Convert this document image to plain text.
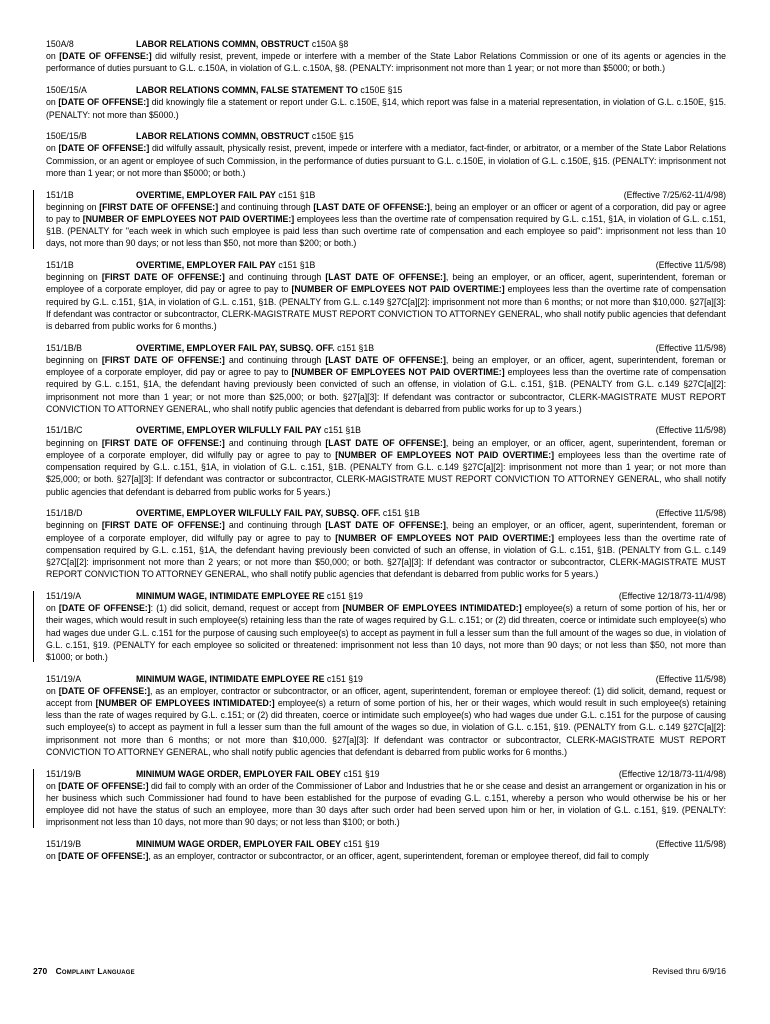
150A/8	LABOR RELATIONS COMMN, OBSTRUCT c150A §8
on [DATE OF OFFENSE:] did wilfully resist, prevent, impede or interfere with a member of the State Labor Relations Commission or one of its agents or agencies in the performance of duties pursuant to G.L. c.150A, in violation of G.L. c.150A, §8. (PENALTY: imprisonment not more than 1 year; or not more than $5000; or both.)
150E/15/A	LABOR RELATIONS COMMN, FALSE STATEMENT TO c150E §15
on [DATE OF OFFENSE:] did knowingly file a statement or report under G.L. c.150E, §14, which report was false in a material representation, in violation of G.L. c.150E, §15. (PENALTY: not more than $5000.)
150E/15/B	LABOR RELATIONS COMMN, OBSTRUCT c150E §15
on [DATE OF OFFENSE:] did wilfully assault, physically resist, prevent, impede or interfere with a mediator, fact-finder, or arbitrator, or a member of the State Labor Relations Commission, or an agent or employee of such Commission, in the performance of duties pursuant to G.L. c.150E, in violation of G.L. c.150E, §15. (PENALTY: imprisonment not more than 1 year; or not more than $5000; or both.)
151/1B	OVERTIME, EMPLOYER FAIL PAY c151 §1B	(Effective 7/25/62-11/4/98)
beginning on [FIRST DATE OF OFFENSE:] and continuing through [LAST DATE OF OFFENSE:], being an employer or an officer or agent of a corporation, did pay or agree to pay to [NUMBER OF EMPLOYEES NOT PAID OVERTIME:] employees less than the overtime rate of compensation required by G.L. c.151, §1A, in violation of G.L. c.151, §1B. (PENALTY for "each week in which such employee is paid less than such overtime rate of compensation and each employee so paid": imprisonment not less than 10 days, not more than 90 days; or not less than $50, not more than $200; or both.)
151/1B	OVERTIME, EMPLOYER FAIL PAY c151 §1B	(Effective 11/5/98)
beginning on [FIRST DATE OF OFFENSE:] and continuing through [LAST DATE OF OFFENSE:], being an employer, or an officer, agent, superintendent, foreman or employee of a corporate employer, did pay or agree to pay to [NUMBER OF EMPLOYEES NOT PAID OVERTIME:] employees less than the overtime rate of compensation required by G.L. c.151, §1A, in violation of G.L. c.151, §1B. (PENALTY from G.L. c.149 §27C[a][2]: imprisonment not more than 6 months; or not more than $10,000. §27[a][3]: If defendant was contractor or subcontractor, CLERK-MAGISTRATE MUST REPORT CONVICTION TO ATTORNEY GENERAL, who shall notify public agencies that defendant is debarred from public works for 6 months.)
151/1B/B	OVERTIME, EMPLOYER FAIL PAY, SUBSQ. OFF. c151 §1B	(Effective 11/5/98)
beginning on [FIRST DATE OF OFFENSE:] and continuing through [LAST DATE OF OFFENSE:], being an employer, or an officer, agent, superintendent, foreman or employee of a corporate employer, did pay or agree to pay to [NUMBER OF EMPLOYEES NOT PAID OVERTIME:] employees less than the overtime rate of compensation required by G.L. c.151, §1A, the defendant having previously been convicted of such an offense, in violation of G.L. c.151, §1B. (PENALTY from G.L. c.149 §27C[a][2]: imprisonment not more than 1 year; or not more than $25,000; or both. §27[a][3]: If defendant was contractor or subcontractor, CLERK-MAGISTRATE MUST REPORT CONVICTION TO ATTORNEY GENERAL, who shall notify public agencies that defendant is debarred from public works for up to 3 years.)
151/1B/C	OVERTIME, EMPLOYER WILFULLY FAIL PAY c151 §1B	(Effective 11/5/98)
beginning on [FIRST DATE OF OFFENSE:] and continuing through [LAST DATE OF OFFENSE:], being an employer, or an officer, agent, superintendent, foreman or employee of a corporate employer, did wilfully pay or agree to pay to [NUMBER OF EMPLOYEES NOT PAID OVERTIME:] employees less than the overtime rate of compensation required by G.L. c.151, §1A, in violation of G.L. c.151, §1B. (PENALTY from G.L. c.149 §27C[a][2]: imprisonment not more than 1 year; or not more than $25,000; or both. §27[a][3]: If defendant was contractor or subcontractor, CLERK-MAGISTRATE MUST REPORT CONVICTION TO ATTORNEY GENERAL, who shall notify public agencies that defendant is debarred from public works for 5 years.)
151/1B/D	OVERTIME, EMPLOYER WILFULLY FAIL PAY, SUBSQ. OFF. c151 §1B	(Effective 11/5/98)
beginning on [FIRST DATE OF OFFENSE:] and continuing through [LAST DATE OF OFFENSE:], being an employer, or an officer, agent, superintendent, foreman or employee of a corporate employer, did wilfully pay or agree to pay to [NUMBER OF EMPLOYEES NOT PAID OVERTIME:] employees less than the overtime rate of compensation required by G.L. c.151, §1A, the defendant having previously been convicted of such an offense, in violation of G.L. c.151, §1B. (PENALTY from G.L. c.149 §27C[a][2]: imprisonment not more than 2 years; or not more than $50,000; or both. §27[a][3]: If defendant was contractor or subcontractor, CLERK-MAGISTRATE MUST REPORT CONVICTION TO ATTORNEY GENERAL, who shall notify public agencies that defendant is debarred from public works for 5 years.)
151/19/A	MINIMUM WAGE, INTIMIDATE EMPLOYEE RE c151 §19	(Effective 12/18/73-11/4/98)
on [DATE OF OFFENSE:]: (1) did solicit, demand, request or accept from [NUMBER OF EMPLOYEES INTIMIDATED:] employee(s) a return of some portion of his, her or their wages, which would result in such employee(s) retaining less than the rate of wages required by G.L. c.151; or (2) did threaten, coerce or intimidate such employee(s) who had wages due under G.L. c.151 for the purpose of causing such employee(s) to accept as payment in full a lesser sum than the full amount of the wages so due, in violation of G.L. c.151, §19. (PENALTY for each employee so solicited or threatened: imprisonment not less than 10 days, not more than 90 days; or not less than $50, not more than $1000; or both.)
151/19/A	MINIMUM WAGE, INTIMIDATE EMPLOYEE RE c151 §19	(Effective 11/5/98)
on [DATE OF OFFENSE:], as an employer, contractor or subcontractor, or an officer, agent, superintendent, foreman or employee thereof: (1) did solicit, demand, request or accept from [NUMBER OF EMPLOYEES INTIMIDATED:] employee(s) a return of some portion of his, her or their wages, which would result in such employee(s) retaining less than the rate of wages required by G.L. c.151; or (2) did threaten, coerce or intimidate such employee(s) who had wages due under G.L. c.151 for the purpose of causing such employee(s) to accept as payment in full a lesser sum than the full amount of the wages so due, in violation of G.L. c.151, §19. (PENALTY from G.L. c.149 §27C[a][2]: imprisonment not more than 6 months; or not more than $10,000. §27[a][3]: If defendant was contractor or subcontractor, CLERK-MAGISTRATE MUST REPORT CONVICTION TO ATTORNEY GENERAL, who shall notify public agencies that defendant is debarred from public works for 6 months.)
151/19/B	MINIMUM WAGE ORDER, EMPLOYER FAIL OBEY c151 §19	(Effective 12/18/73-11/4/98)
on [DATE OF OFFENSE:] did fail to comply with an order of the Commissioner of Labor and Industries that he or she cease and desist an arrangement or organization in his or her business which such Commissioner had found to have been established for the purpose of evading G.L. c.151, whereby a person who would otherwise be his or her employee did not have the status of such an employee, more than 30 days after such order had been served upon him or her, in violation of G.L. c.151, §19. (PENALTY: imprisonment not less than 10 days, not more than 90 days; or not less than $100; or both.)
151/19/B	MINIMUM WAGE ORDER, EMPLOYER FAIL OBEY c151 §19	(Effective 11/5/98)
on [DATE OF OFFENSE:], as an employer, contractor or subcontractor, or an officer, agent, superintendent, foreman or employee thereof, did fail to comply
270 Complaint Language	Revised thru 6/9/16
